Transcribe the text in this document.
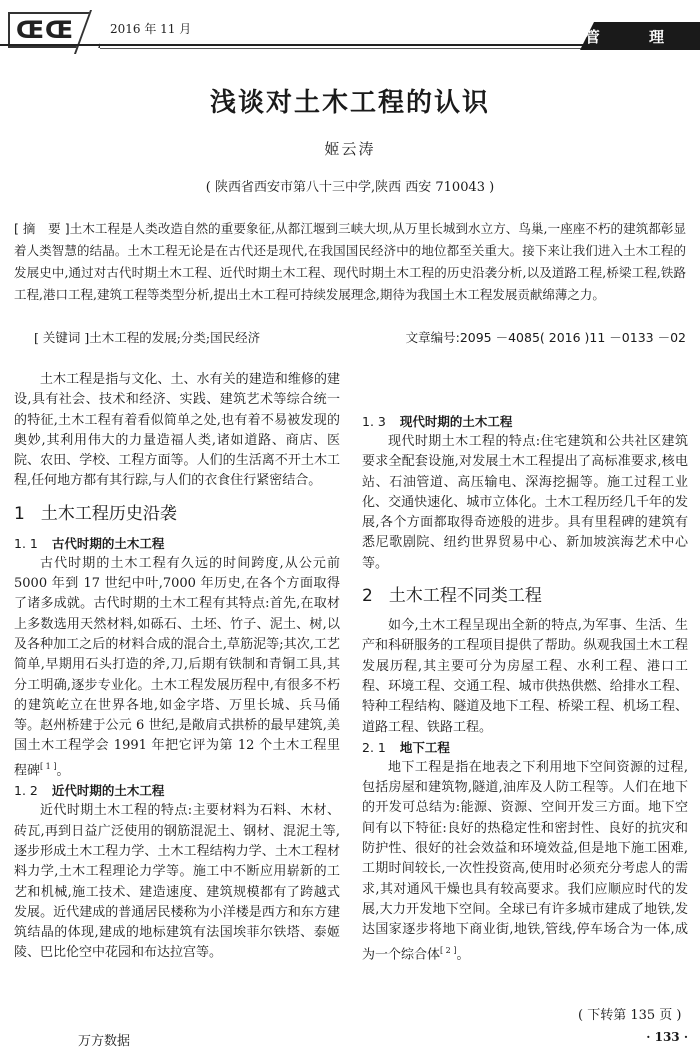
ŒŒ	2016 年 11 月	管 理
浅谈对土木工程的认识
姬云涛
( 陕西省西安市第八十三中学,陕西 西安 710043 )
[ 摘　要 ]土木工程是人类改造自然的重要象征,从都江堰到三峡大坝,从万里长城到水立方、鸟巢,一座座不朽的建筑都彰显着人类智慧的结晶。土木工程无论是在古代还是现代,在我国国民经济中的地位都至关重大。接下来让我们进入土木工程的发展史中,通过对古代时期土木工程、近代时期土木工程、现代时期土木工程的历史沿袭分析,以及道路工程,桥梁工程,铁路工程,港口工程,建筑工程等类型分析,提出土木工程可持续发展理念,期待为我国土木工程发展贡献绵薄之力。
[ 关键词 ]土木工程的发展;分类;国民经济	文章编号:2095 －4085( 2016 )11 －0133 －02

土木工程是指与文化、土、水有关的建造和维修的建设,具有社会、技术和经济、实践、建筑艺术等综合统一的特征,土木工程有着看似简单之处,也有着不易被发现的奥妙,其利用伟大的力量造福人类,诸如道路、商店、医院、农田、学校、工程方面等。人们的生活离不开土木工程,任何地方都有其行踪,与人们的衣食住行紧密结合。

1 土木工程历史沿袭
1. 1 古代时期的土木工程

古代时期的土木工程有久远的时间跨度,从公元前 5000 年到 17 世纪中叶,7000 年历史,在各个方面取得了诸多成就。古代时期的土木工程有其特点:首先,在取材上多数选用天然材料,如砾石、土坯、竹子、泥土、树,以及各种加工之后的材料合成的混合土,草筋泥等;其次,工艺简单,早期用石头打造的斧,刀,后期有铁制和青铜工具,其分工明确,逐步专业化。土木工程发展历程中,有很多不朽的建筑屹立在世界各地,如金字塔、万里长城、兵马俑等。赵州桥建于公元 6 世纪,是敞肩式拱桥的最早建筑,美国土木工程学会 1991 年把它评为第 12 个土木工程里程碑[ 1 ]。

1. 2 近代时期的土木工程

近代时期土木工程的特点:主要材料为石料、木材、砖瓦,再到日益广泛使用的钢筋混泥土、钢材、混泥土等,逐步形成土木工程力学、土木工程结构力学、土木工程材料力学,土木工程理论力学等。施工中不断应用崭新的工艺和机械,施工技术、建造速度、建筑规模都有了跨越式发展。近代建成的普通居民楼称为小洋楼是西方和东方建筑结晶的体现,建成的地标建筑有法国埃菲尔铁塔、泰姬陵、巴比伦空中花园和布达拉宫等。

1. 3 现代时期的土木工程

现代时期土木工程的特点:住宅建筑和公共社区建筑要求全配套设施,对发展土木工程提出了高标准要求,核电站、石油管道、高压输电、深海挖掘等。施工过程工业化、交通快速化、城市立体化。土木工程历经几千年的发展,各个方面都取得奇迹般的进步。具有里程碑的建筑有悉尼歌剧院、纽约世界贸易中心、新加坡滨海艺术中心等。

2 土木工程不同类工程

如今,土木工程呈现出全新的特点,为军事、生活、生产和科研服务的工程项目提供了帮助。纵观我国土木工程发展历程,其主要可分为房屋工程、水利工程、港口工程、环境工程、交通工程、城市供热供燃、给排水工程、特种工程结构、隧道及地下工程、桥梁工程、机场工程、道路工程、铁路工程。

2. 1 地下工程

地下工程是指在地表之下利用地下空间资源的过程,包括房屋和建筑物,隧道,油库及人防工程等。人们在地下的开发可总结为:能源、资源、空间开发三方面。地下空间有以下特征:良好的热稳定性和密封性、良好的抗灾和防护性、很好的社会效益和环境效益,但是地下施工困难,工期时间较长,一次性投资高,使用时必须充分考虑人的需求,其对通风干燥也具有较高要求。我们应顺应时代的发展,大力开发地下空间。全球已有许多城市建成了地铁,发达国家逐步将地下商业街,地铁,管线,停车场合为一体,成为一个综合体[ 2 ]。

( 下转第 135 页 )
万方数据	· 133 ·
